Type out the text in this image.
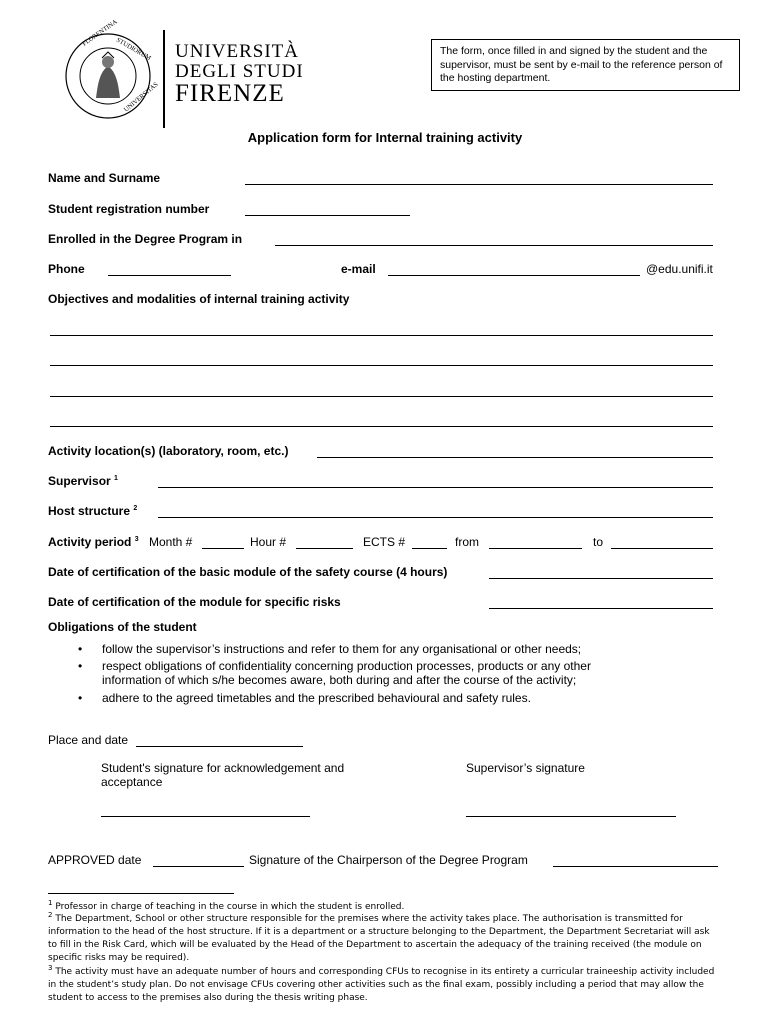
FLORENTINA
STUDIORUM
UNIVERSITAS
UNIVERSITÀ
DEGLI STUDI
FIRENZE
The form, once filled in and signed by the student and the supervisor, must be sent by e-mail to the reference person of the hosting department.
Application form for Internal training activity
Name and Surname
Student registration number
Enrolled in the Degree Program in
Phone	e-mail	@edu.unifi.it
Objectives and modalities of internal training activity
Activity location(s) (laboratory, room, etc.)
Supervisor $^1$
Host structure $^2$
Activity period $^3$ Month #	Hour #	ECTS #	from	to
Date of certification of the basic module of the safety course (4 hours)
Date of certification of the module for specific risks
Obligations of the student
• follow the supervisor’s instructions and refer to them for any organisational or other needs;
• respect obligations of confidentiality concerning production processes, products or any other information of which s/he becomes aware, both during and after the course of the activity;
• adhere to the agreed timetables and the prescribed behavioural and safety rules.
Place and date
Student's signature for acknowledgement and acceptance
Supervisor’s signature
APPROVED date	Signature of the Chairperson of the Degree Program
$^1$ Professor in charge of teaching in the course in which the student is enrolled.
$^2$ The Department, School or other structure responsible for the premises where the activity takes place. The authorisation is transmitted for information to the head of the host structure. If it is a department or a structure belonging to the Department, the Department Secretariat will ask to fill in the Risk Card, which will be evaluated by the Head of the Department to ascertain the adequacy of the training received (the module on specific risks may be required).
$^3$ The activity must have an adequate number of hours and corresponding CFUs to recognise in its entirety a curricular traineeship activity included in the student’s study plan. Do not envisage CFUs covering other activities such as the final exam, possibly including a period that may allow the student to access to the premises also during the thesis writing phase.
